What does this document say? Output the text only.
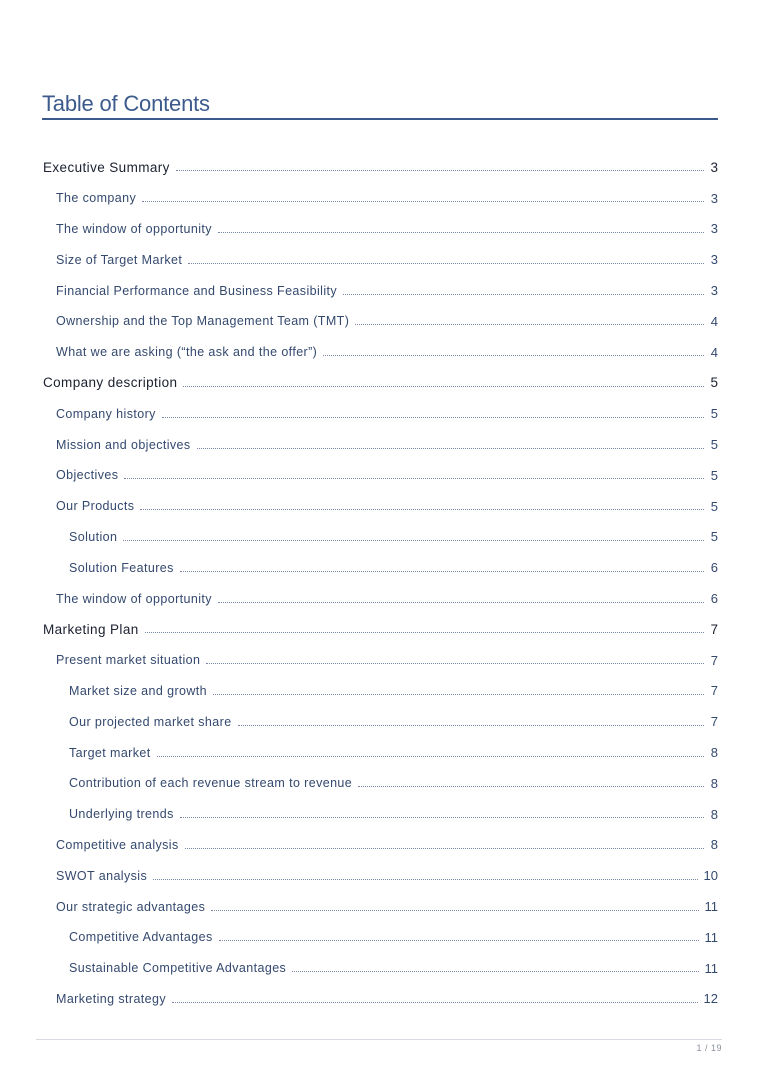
Table of Contents
Executive Summary	3
The company	3
The window of opportunity	3
Size of Target Market	3
Financial Performance and Business Feasibility	3
Ownership and the Top Management Team (TMT)	4
What we are asking (“the ask and the offer”)	4
Company description	5
Company history	5
Mission and objectives	5
Objectives	5
Our Products	5
Solution	5
Solution Features	6
The window of opportunity	6
Marketing Plan	7
Present market situation	7
Market size and growth	7
Our projected market share	7
Target market	8
Contribution of each revenue stream to revenue	8
Underlying trends	8
Competitive analysis	8
SWOT analysis	10
Our strategic advantages	11
Competitive Advantages	11
Sustainable Competitive Advantages	11
Marketing strategy	12
1 / 19
